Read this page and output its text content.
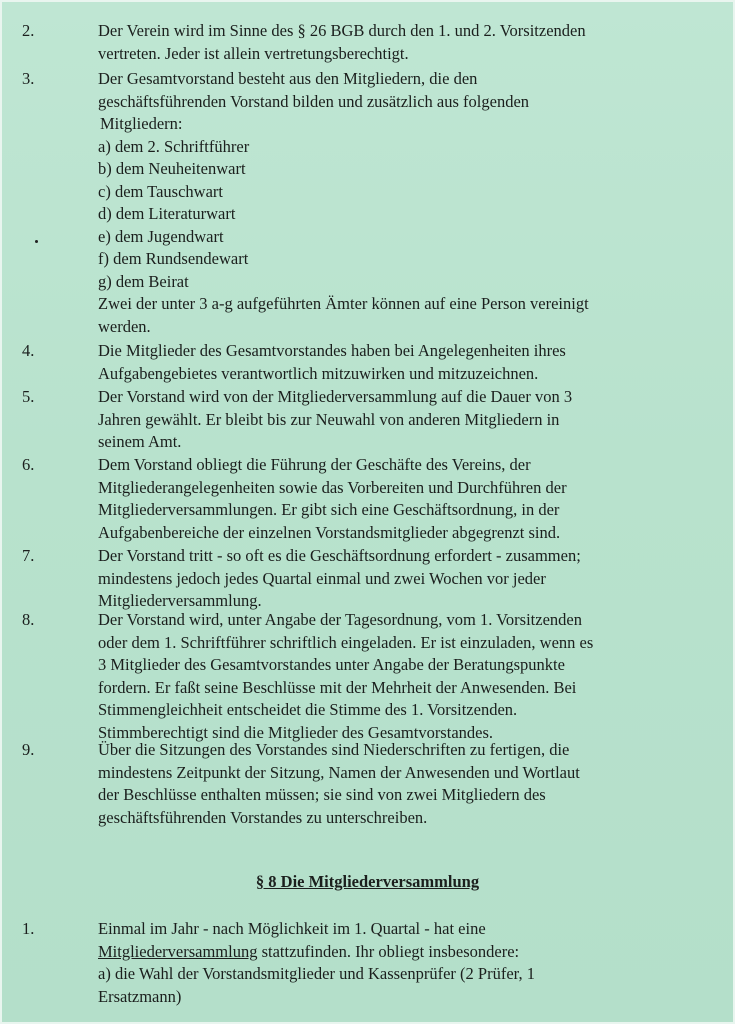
2.	Der Verein wird im Sinne des § 26 BGB durch den 1. und 2. Vorsitzenden
vertreten. Jeder ist allein vertretungsberechtigt.
3.	Der Gesamtvorstand besteht aus den Mitgliedern, die den
geschäftsführenden Vorstand bilden und zusätzlich aus folgenden
Mitgliedern:
a) dem 2. Schriftführer
b) dem Neuheitenwart
c) dem Tauschwart
d) dem Literaturwart
e) dem Jugendwart
f) dem Rundsendewart
g) dem Beirat
Zwei der unter 3 a-g aufgeführten Ämter können auf eine Person vereinigt
werden.
4.	Die Mitglieder des Gesamtvorstandes haben bei Angelegenheiten ihres
Aufgabengebietes verantwortlich mitzuwirken und mitzuzeichnen.
5.	Der Vorstand wird von der Mitgliederversammlung auf die Dauer von 3
Jahren gewählt. Er bleibt bis zur Neuwahl von anderen Mitgliedern in
seinem Amt.
6.	Dem Vorstand obliegt die Führung der Geschäfte des Vereins, der
Mitgliederangelegenheiten sowie das Vorbereiten und Durchführen der
Mitgliederversammlungen. Er gibt sich eine Geschäftsordnung, in der
Aufgabenbereiche der einzelnen Vorstandsmitglieder abgegrenzt sind.
7.	Der Vorstand tritt - so oft es die Geschäftsordnung erfordert - zusammen;
mindestens jedoch jedes Quartal einmal und zwei Wochen vor jeder
Mitgliederversammlung.
8.	Der Vorstand wird, unter Angabe der Tagesordnung, vom 1. Vorsitzenden
oder dem 1. Schriftführer schriftlich eingeladen. Er ist einzuladen, wenn es
3 Mitglieder des Gesamtvorstandes unter Angabe der Beratungspunkte
fordern. Er faßt seine Beschlüsse mit der Mehrheit der Anwesenden. Bei
Stimmengleichheit entscheidet die Stimme des 1. Vorsitzenden.
Stimmberechtigt sind die Mitglieder des Gesamtvorstandes.
9.	Über die Sitzungen des Vorstandes sind Niederschriften zu fertigen, die
mindestens Zeitpunkt der Sitzung, Namen der Anwesenden und Wortlaut
der Beschlüsse enthalten müssen; sie sind von zwei Mitgliedern des
geschäftsführenden Vorstandes zu unterschreiben.
§ 8 Die Mitgliederversammlung
1.	Einmal im Jahr - nach Möglichkeit im 1. Quartal - hat eine
Mitgliederversammlung stattzufinden. Ihr obliegt insbesondere:
a) die Wahl der Vorstandsmitglieder und Kassenprüfer (2 Prüfer, 1
Ersatzmann)
